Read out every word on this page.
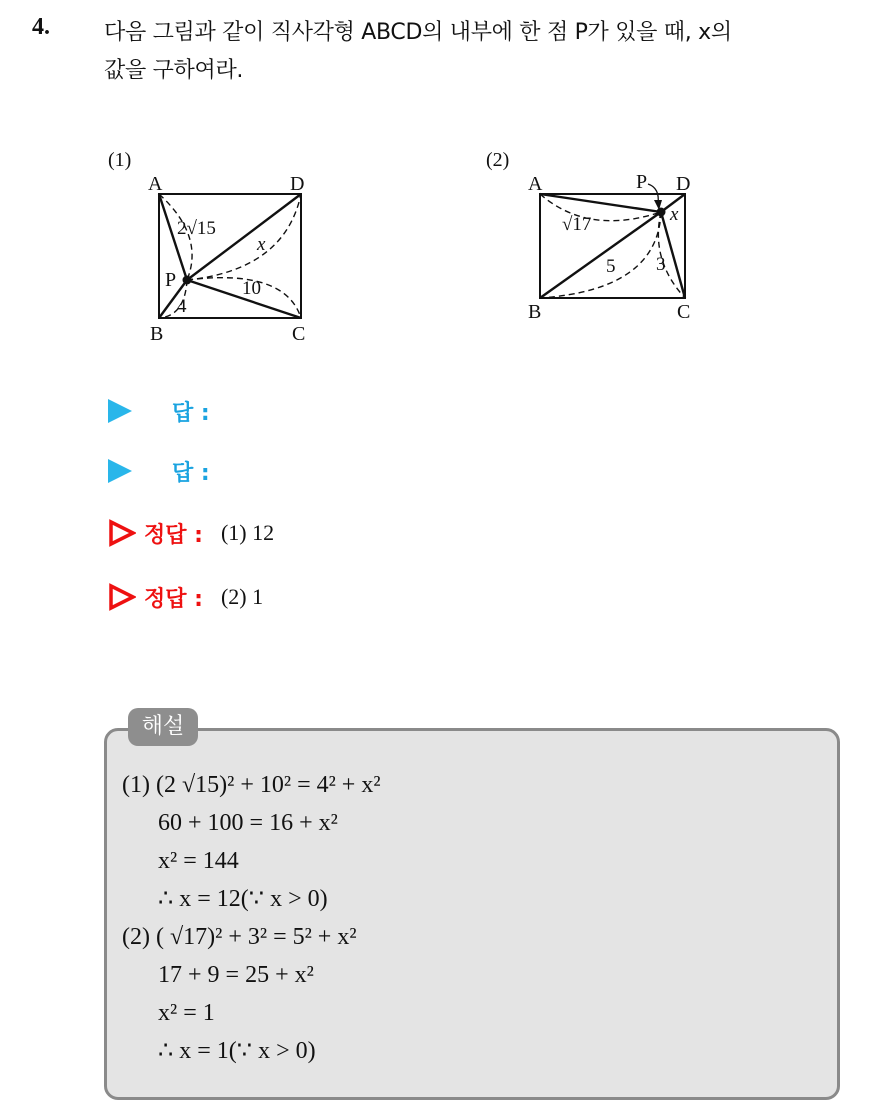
4. 다음 그림과 같이 직사각형 ABCD의 내부에 한 점 P가 있을 때, x의
값을 구하여라.
(1)
A	D
B	C
P
2√15
x
10
4
(2)
A	D
B	C
P
√17	x
5 3
답 :
답 :
정답 : (1) 12
정답 : (2) 1
해설
(1) (2 √15)² + 10² = 4² + x²
60 + 100 = 16 + x²
x² = 144
∴ x = 12(∵ x > 0)
(2) ( √17)² + 3² = 5² + x²
17 + 9 = 25 + x²
x² = 1
∴ x = 1(∵ x > 0)
